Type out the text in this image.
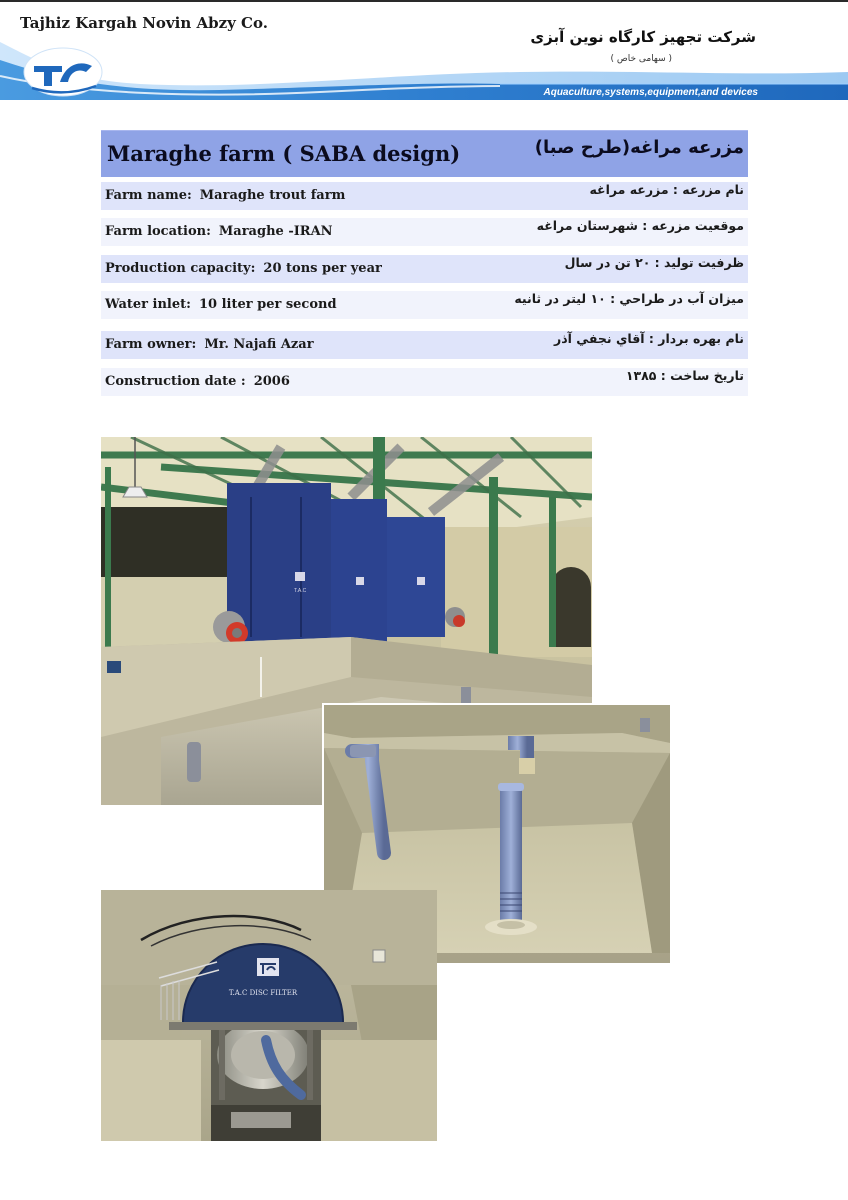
Tajhiz Kargah Novin Abzy Co.
شرکت تجهیز کارگاه نوین آبزی
( سهامی خاص )
TAC
Aquaculture,systems,equipment,and devices
Maraghe farm ( SABA design)	مزرعه مراغه(طرح صبا)
Farm name: Maraghe trout farm	نام مزرعه : مزرعه مراغه
Farm location: Maraghe -IRAN	موقعیت مزرعه : شهرستان مراغه
Production capacity: 20 tons per year	ظرفیت تولید : ۲۰ تن در سال
Water inlet: 10 liter per second	میزان آب در طراحي : ۱۰ لیتر در ثانیه
Farm owner: Mr. Najafi Azar	نام بهره بردار : آقاي نجفي آذر
Construction date : 2006	تاریخ ساخت : ۱۳۸۵
T.A.C
T.A.C DISC FILTER
